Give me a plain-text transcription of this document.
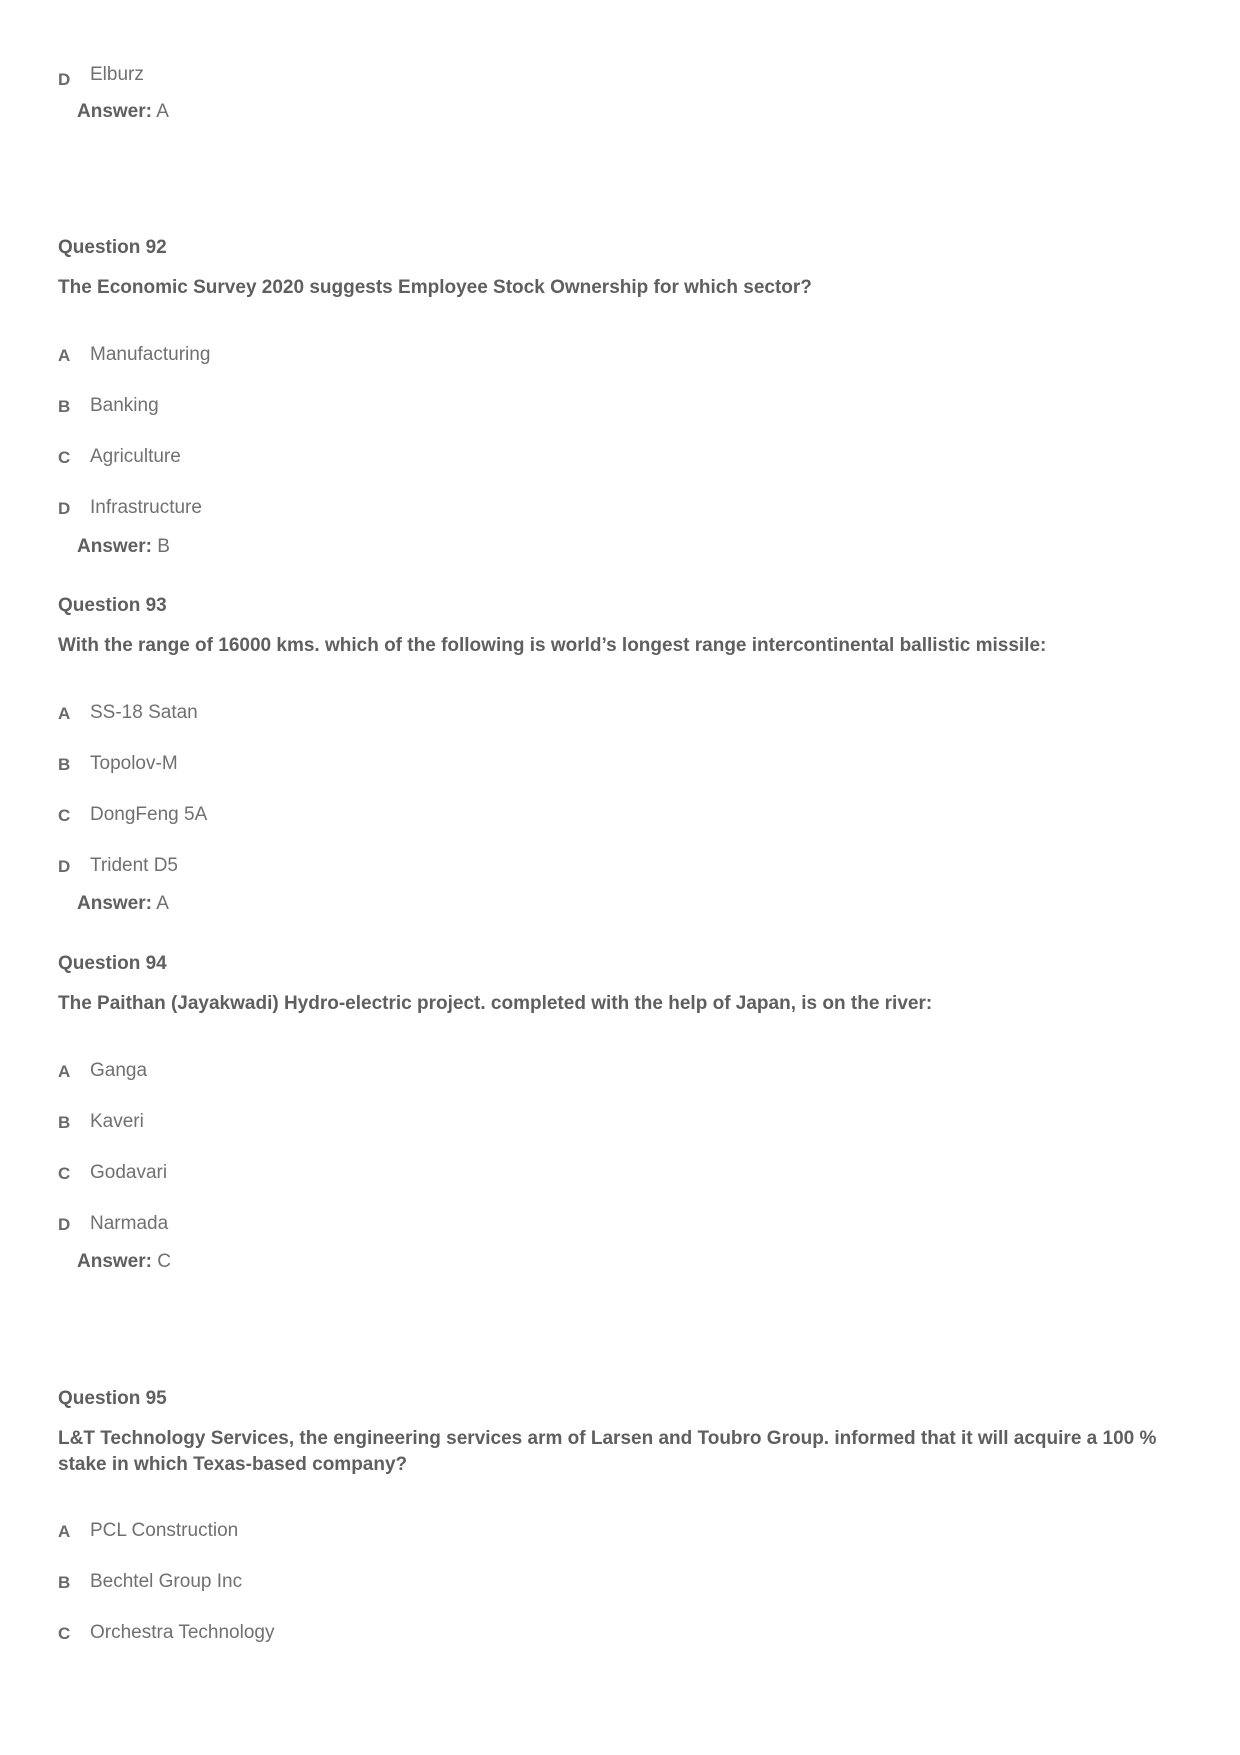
D	Elburz
Answer: A
Question 92
The Economic Survey 2020 suggests Employee Stock Ownership for which sector?
A	Manufacturing
B	Banking
C	Agriculture
D	Infrastructure
Answer: B
Question 93
With the range of 16000 kms. which of the following is world’s longest range intercontinental ballistic missile:
A	SS-18 Satan
B	Topolov-M
C	DongFeng 5A
D	Trident D5
Answer: A
Question 94
The Paithan (Jayakwadi) Hydro-electric project. completed with the help of Japan, is on the river:
A	Ganga
B	Kaveri
C	Godavari
D	Narmada
Answer: C
Question 95
L&T Technology Services, the engineering services arm of Larsen and Toubro Group. informed that it will acquire a 100 % stake in which Texas-based company?
A	PCL Construction
B	Bechtel Group Inc
C	Orchestra Technology
